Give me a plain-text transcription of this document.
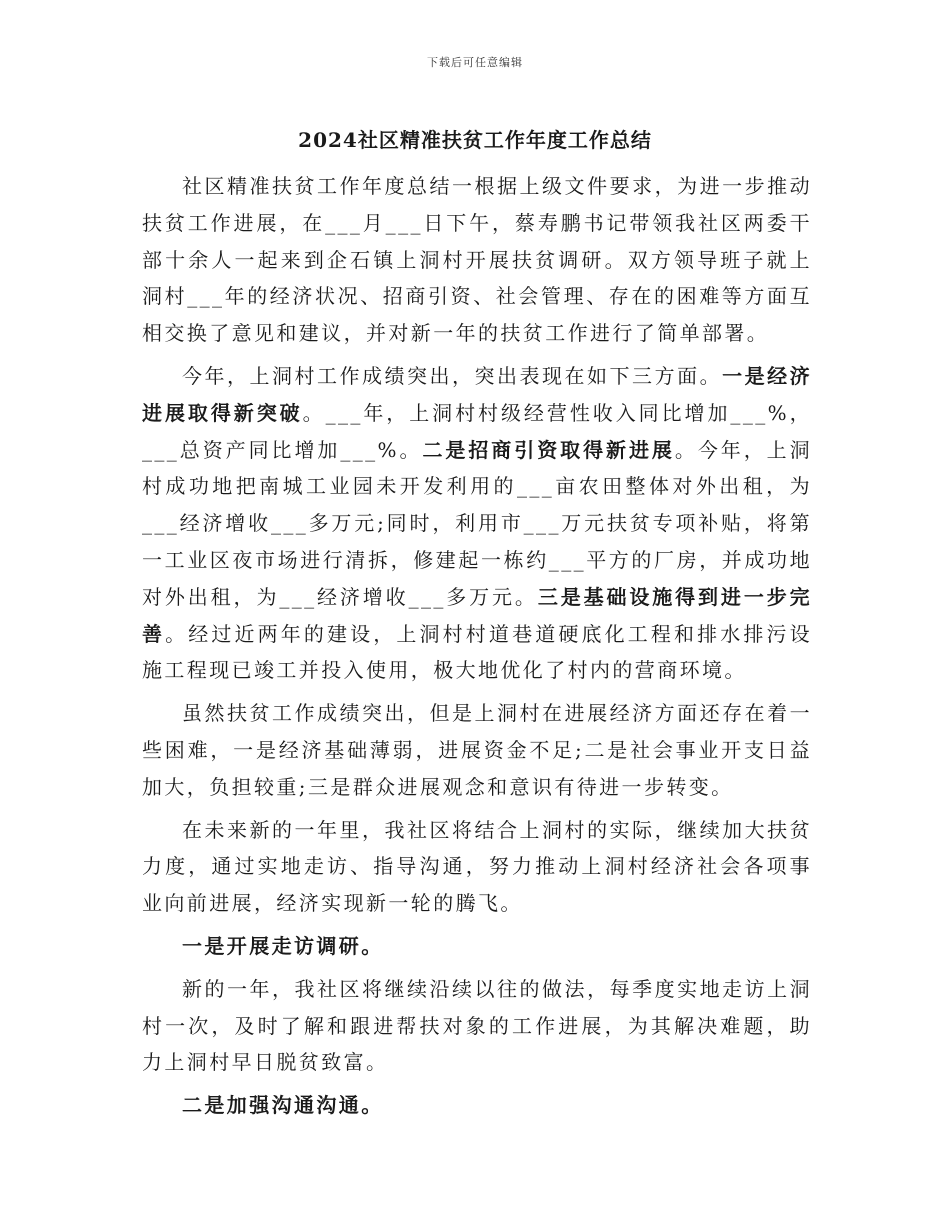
下载后可任意编辑
2024社区精准扶贫工作年度工作总结

社区精准扶贫工作年度总结一根据上级文件要求，为进一步推动扶贫工作进展，在___月___日下午，蔡寿鹏书记带领我社区两委干部十余人一起来到企石镇上洞村开展扶贫调研。双方领导班子就上洞村___年的经济状况、招商引资、社会管理、存在的困难等方面互相交换了意见和建议，并对新一年的扶贫工作进行了简单部署。

今年，上洞村工作成绩突出，突出表现在如下三方面。一是经济进展取得新突破。___年，上洞村村级经营性收入同比增加___%，___总资产同比增加___%。二是招商引资取得新进展。今年，上洞村成功地把南城工业园未开发利用的___亩农田整体对外出租，为___经济增收___多万元;同时，利用市___万元扶贫专项补贴，将第一工业区夜市场进行清拆，修建起一栋约___平方的厂房，并成功地对外出租，为___经济增收___多万元。三是基础设施得到进一步完善。经过近两年的建设，上洞村村道巷道硬底化工程和排水排污设施工程现已竣工并投入使用，极大地优化了村内的营商环境。

虽然扶贫工作成绩突出，但是上洞村在进展经济方面还存在着一些困难，一是经济基础薄弱，进展资金不足;二是社会事业开支日益加大，负担较重;三是群众进展观念和意识有待进一步转变。

在未来新的一年里，我社区将结合上洞村的实际，继续加大扶贫力度，通过实地走访、指导沟通，努力推动上洞村经济社会各项事业向前进展，经济实现新一轮的腾飞。

一是开展走访调研。

新的一年，我社区将继续沿续以往的做法，每季度实地走访上洞村一次，及时了解和跟进帮扶对象的工作进展，为其解决难题，助力上洞村早日脱贫致富。

二是加强沟通沟通。
